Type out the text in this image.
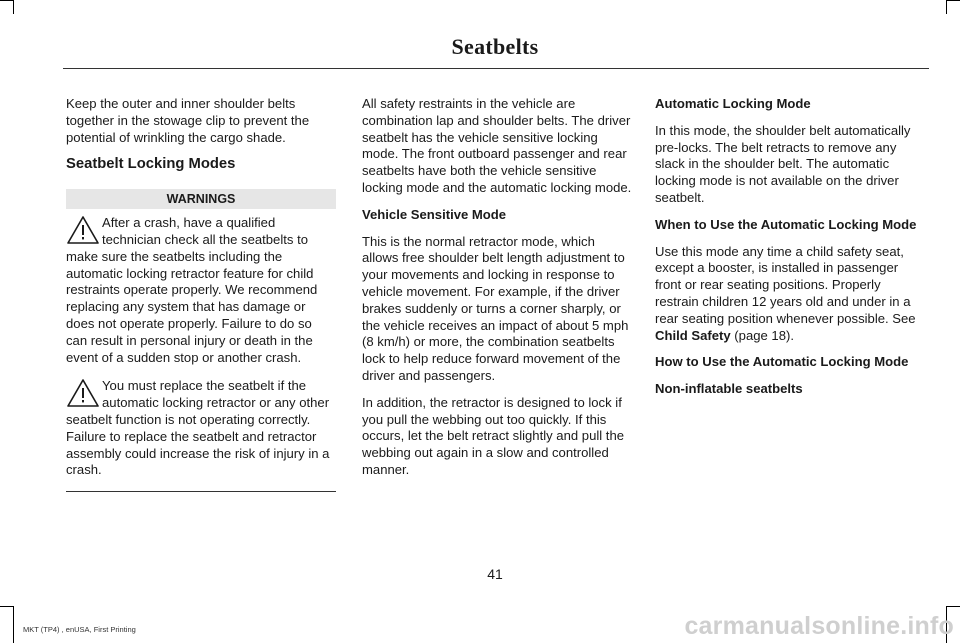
Seatbelts

Keep the outer and inner shoulder belts together in the stowage clip to prevent the potential of wrinkling the cargo shade.

Seatbelt Locking Modes
WARNINGS
After a crash, have a qualified technician check all the seatbelts to make sure the seatbelts including the automatic locking retractor feature for child restraints operate properly. We recommend replacing any system that has damage or does not operate properly. Failure to do so can result in personal injury or death in the event of a sudden stop or another crash.
You must replace the seatbelt if the automatic locking retractor or any other seatbelt function is not operating correctly. Failure to replace the seatbelt and retractor assembly could increase the risk of injury in a crash.

All safety restraints in the vehicle are combination lap and shoulder belts. The driver seatbelt has the vehicle sensitive locking mode. The front outboard passenger and rear seatbelts have both the vehicle sensitive locking mode and the automatic locking mode.

Vehicle Sensitive Mode

This is the normal retractor mode, which allows free shoulder belt length adjustment to your movements and locking in response to vehicle movement. For example, if the driver brakes suddenly or turns a corner sharply, or the vehicle receives an impact of about 5 mph (8 km/h) or more, the combination seatbelts lock to help reduce forward movement of the driver and passengers.

In addition, the retractor is designed to lock if you pull the webbing out too quickly. If this occurs, let the belt retract slightly and pull the webbing out again in a slow and controlled manner.

Automatic Locking Mode

In this mode, the shoulder belt automatically pre-locks. The belt retracts to remove any slack in the shoulder belt. The automatic locking mode is not available on the driver seatbelt.

When to Use the Automatic Locking Mode

Use this mode any time a child safety seat, except a booster, is installed in passenger front or rear seating positions. Properly restrain children 12 years old and under in a rear seating position whenever possible. See Child Safety (page 18).

How to Use the Automatic Locking Mode
Non-inflatable seatbelts
41
MKT (TP4) , enUSA, First Printing	carmanualsonline.info
